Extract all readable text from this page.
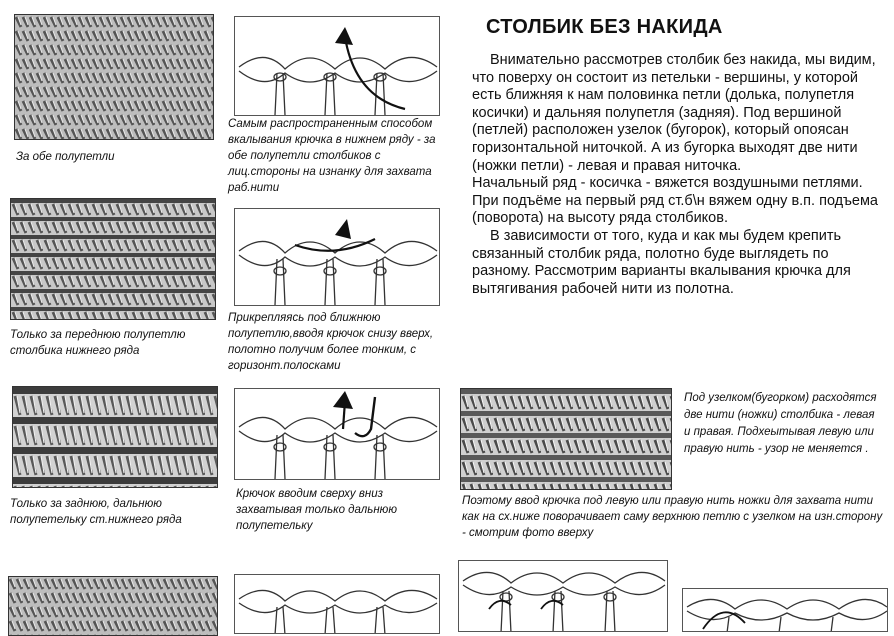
СТОЛБИК БЕЗ НАКИДА

Внимательно рассмотрев столбик без накида, мы видим, что поверху он состоит из петельки - вершины, у которой есть ближняя к нам половинка петли (долька, полупетля косички) и дальняя полупетля (задняя). Под вершиной (петлей) расположен узелок (бугорок), который опоясан горизонтальной ниточкой. А из бугорка выходят две нити (ножки петли) - левая и правая ниточка.

Начальный ряд - косичка - вяжется воздушными петлями. При подъёме на первый ряд ст.б\н вяжем одну в.п. подъема (поворота) на высоту ряда столбиков.

В зависимости от того, куда и как мы будем крепить связанный столбик ряда, полотно буде выглядеть по разному. Рассмотрим варианты вкалывания крючка для вытягивания рабочей нити из полотна.

За обе полупетли
Самым распространенным способом вкалывания крючка в нижнем ряду - за обе полупетли столбиков с лиц.стороны на изнанку для захвата раб.нити
Только за переднюю полупетлю столбика нижнего ряда
Прикрепляясь под ближнюю полупетлю,вводя крючок снизу вверх, полотно получим более тонким, с горизонт.полосками
Только за заднюю, дальнюю полупетельку ст.нижнего ряда
Крючок вводим сверху вниз захватывая только дальнюю полупетельку
Под узелком(бугорком) расходятся две нити (ножки) столбика - левая и правая. Подхеытывая левую или правую нить - узор не меняется .
Поэтому ввод крючка под левую или правую нить ножки для захвата нити как на сх.ниже поворачивает саму верхнюю петлю с узелком на изн.сторону - смотрим фото вверху
